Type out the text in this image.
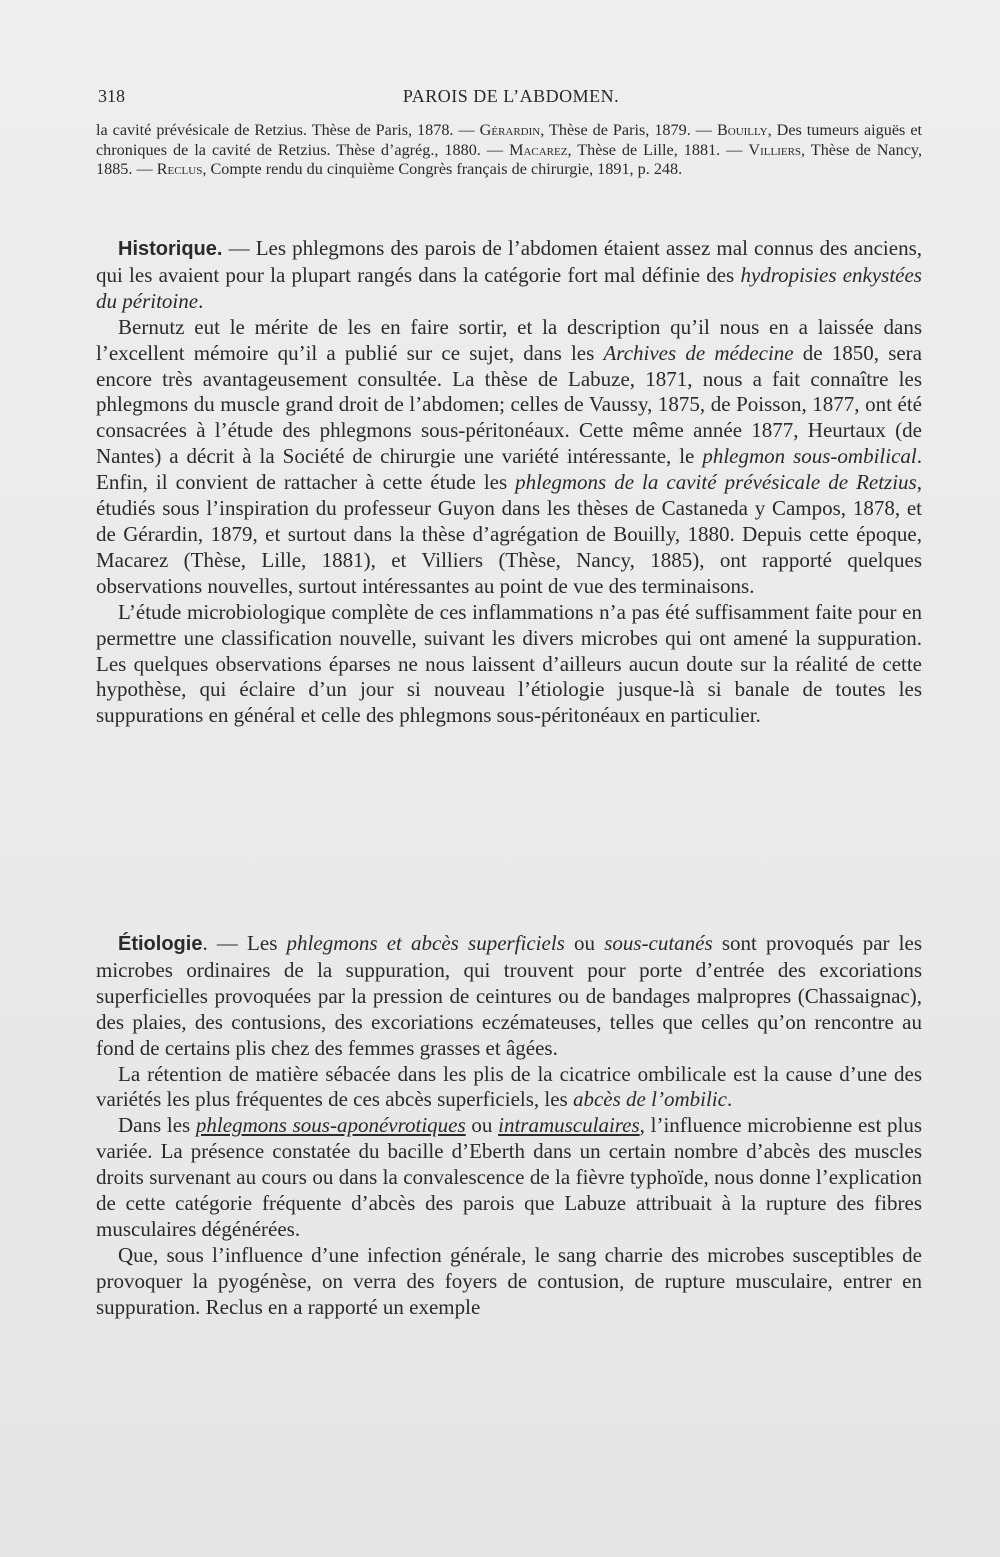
318	PAROIS DE L’ABDOMEN.
la cavité prévésicale de Retzius. Thèse de Paris, 1878. — Gérardin, Thèse de Paris, 1879. — Bouilly, Des tumeurs aiguës et chroniques de la cavité de Retzius. Thèse d’agrég., 1880. — Macarez, Thèse de Lille, 1881. — Villiers, Thèse de Nancy, 1885. — Reclus, Compte rendu du cinquième Congrès français de chirurgie, 1891, p. 248.

Historique. — Les phlegmons des parois de l’abdomen étaient assez mal connus des anciens, qui les avaient pour la plupart rangés dans la catégorie fort mal définie des hydropisies enkystées du péritoine.

Bernutz eut le mérite de les en faire sortir, et la description qu’il nous en a laissée dans l’excellent mémoire qu’il a publié sur ce sujet, dans les Archives de médecine de 1850, sera encore très avantageusement consultée. La thèse de Labuze, 1871, nous a fait connaître les phlegmons du muscle grand droit de l’abdomen; celles de Vaussy, 1875, de Poisson, 1877, ont été consacrées à l’étude des phlegmons sous-péritonéaux. Cette même année 1877, Heurtaux (de Nantes) a décrit à la Société de chirurgie une variété intéressante, le phlegmon sous-ombilical. Enfin, il convient de rattacher à cette étude les phlegmons de la cavité prévésicale de Retzius, étudiés sous l’inspiration du professeur Guyon dans les thèses de Castaneda y Campos, 1878, et de Gérardin, 1879, et surtout dans la thèse d’agrégation de Bouilly, 1880. Depuis cette époque, Macarez (Thèse, Lille, 1881), et Villiers (Thèse, Nancy, 1885), ont rapporté quelques observations nouvelles, surtout intéressantes au point de vue des terminaisons.

L’étude microbiologique complète de ces inflammations n’a pas été suffisamment faite pour en permettre une classification nouvelle, suivant les divers microbes qui ont amené la suppuration. Les quelques observations éparses ne nous laissent d’ailleurs aucun doute sur la réalité de cette hypothèse, qui éclaire d’un jour si nouveau l’étiologie jusque-là si banale de toutes les suppurations en général et celle des phlegmons sous-péritonéaux en particulier.

Étiologie. — Les phlegmons et abcès superficiels ou sous-cutanés sont provoqués par les microbes ordinaires de la suppuration, qui trouvent pour porte d’entrée des excoriations superficielles provoquées par la pression de ceintures ou de bandages malpropres (Chassaignac), des plaies, des contusions, des excoriations eczémateuses, telles que celles qu’on rencontre au fond de certains plis chez des femmes grasses et âgées.

La rétention de matière sébacée dans les plis de la cicatrice ombilicale est la cause d’une des variétés les plus fréquentes de ces abcès superficiels, les abcès de l’ombilic.

Dans les phlegmons sous-aponévrotiques ou intramusculaires, l’influence microbienne est plus variée. La présence constatée du bacille d’Eberth dans un certain nombre d’abcès des muscles droits survenant au cours ou dans la convalescence de la fièvre typhoïde, nous donne l’explication de cette catégorie fréquente d’abcès des parois que Labuze attribuait à la rupture des fibres musculaires dégénérées.

Que, sous l’influence d’une infection générale, le sang charrie des microbes susceptibles de provoquer la pyogénèse, on verra des foyers de contusion, de rupture musculaire, entrer en suppuration. Reclus en a rapporté un exemple
